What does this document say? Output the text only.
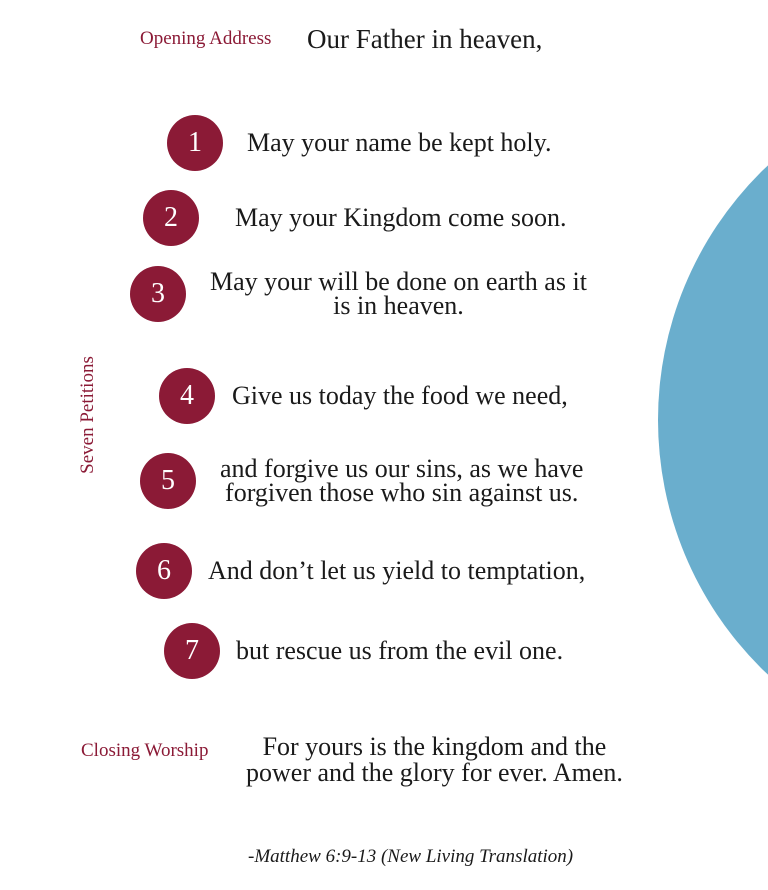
Opening Address Our Father in heaven,
Seven Petitions
1	May your name be kept holy.
2	May your Kingdom come soon.
3	May your will be done on earth as it
is in heaven.
4	Give us today the food we need,
5	and forgive us our sins, as we have
forgiven those who sin against us.
6	And don’t let us yield to temptation,
7	but rescue us from the evil one.
Closing Worship	For yours is the kingdom and the
power and the glory for ever. Amen.
-Matthew 6:9-13 (New Living Translation)
